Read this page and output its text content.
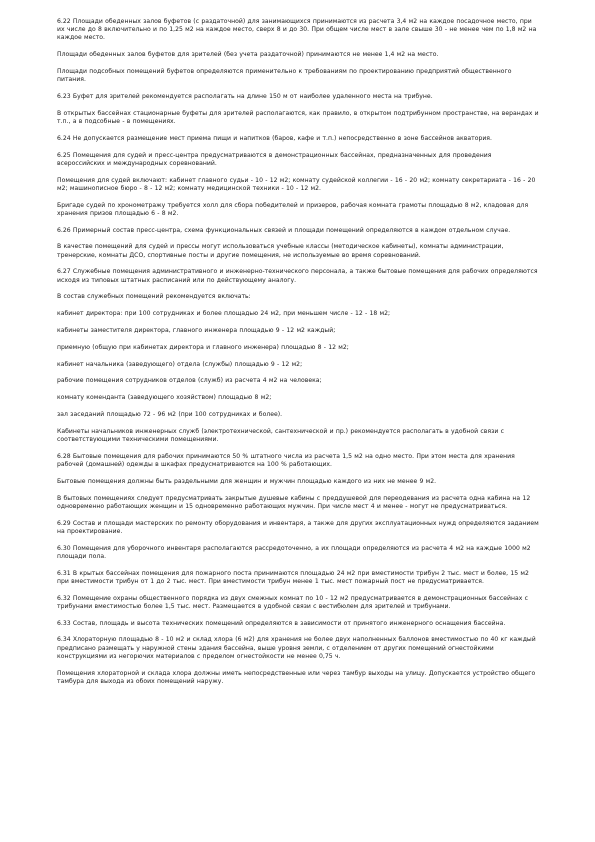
6.22 Площади обеденных залов буфетов (с раздаточной) для занимающихся принимаются из расчета 3,4 м2 на каждое посадочное место, при их числе до 8 включительно и по 1,25 м2 на каждое место, сверх 8 и до 30. При общем числе мест в зале свыше 30 - не менее чем по 1,8 м2 на каждое место.

Площади обеденных залов буфетов для зрителей (без учета раздаточной) принимаются не менее 1,4 м2 на место.

Площади подсобных помещений буфетов определяются применительно к требованиям по проектированию предприятий общественного питания.

6.23 Буфет для зрителей рекомендуется располагать на длине 150 м от наиболее удаленного места на трибуне.

В открытых бассейнах стационарные буфеты для зрителей располагаются, как правило, в открытом подтрибунном пространстве, на верандах и т.п., а в подсобные - в помещениях.

6.24 Не допускается размещение мест приема пищи и напитков (баров, кафе и т.п.) непосредственно в зоне бассейнов акватория.

6.25 Помещения для судей и пресс-центра предусматриваются в демонстрационных бассейнах, предназначенных для проведения всероссийских и международных соревнований.

Помещения для судей включают: кабинет главного судьи - 10 - 12 м2; комнату судейской коллегии - 16 - 20 м2; комнату секретариата - 16 - 20 м2; машинописное бюро - 8 - 12 м2; комнату медицинской техники - 10 - 12 м2.

Бригаде судей по хронометражу требуется холл для сбора победителей и призеров, рабочая комната грамоты площадью 8 м2, кладовая для хранения призов площадью 6 - 8 м2.

6.26 Примерный состав пресс-центра, схема функциональных связей и площади помещений определяются в каждом отдельном случае.

В качестве помещений для судей и прессы могут использоваться учебные классы (методическое кабинеты), комнаты администрации, тренерские, комнаты ДСО, спортивные посты и другие помещения, не используемые во время соревнований.

6.27 Служебные помещения административного и инженерно-технического персонала, а также бытовые помещения для рабочих определяются исходя из типовых штатных расписаний или по действующему аналогу.

В состав служебных помещений рекомендуется включать:

кабинет директора: при 100 сотрудниках и более площадью 24 м2, при меньшем числе - 12 - 18 м2;

кабинеты заместителя директора, главного инженера площадью 9 - 12 м2 каждый;

приемную (общую при кабинетах директора и главного инженера) площадью 8 - 12 м2;

кабинет начальника (заведующего) отдела (службы) площадью 9 - 12 м2;

рабочие помещения сотрудников отделов (служб) из расчета 4 м2 на человека;

комнату коменданта (заведующего хозяйством) площадью 8 м2;

зал заседаний площадью 72 - 96 м2 (при 100 сотрудниках и более).

Кабинеты начальников инженерных служб (электротехнической, сантехнической и пр.) рекомендуется располагать в удобной связи с соответствующими техническими помещениями.

6.28 Бытовые помещения для рабочих принимаются 50 % штатного числа из расчета 1,5 м2 на одно место. При этом места для хранения рабочей (домашней) одежды в шкафах предусматриваются на 100 % работающих.

Бытовые помещения должны быть раздельными для женщин и мужчин площадью каждого из них не менее 9 м2.

В бытовых помещениях следует предусматривать закрытые душевые кабины с преддушевой для переодевания из расчета одна кабина на 12 одновременно работающих женщин и 15 одновременно работающих мужчин. При числе мест 4 и менее - могут не предусматриваться.

6.29 Состав и площади мастерских по ремонту оборудования и инвентаря, а также для других эксплуатационных нужд определяются заданием на проектирование.

6.30 Помещения для уборочного инвентаря располагаются рассредоточенно, а их площади определяются из расчета 4 м2 на каждые 1000 м2 площади пола.

6.31 В крытых бассейнах помещения для пожарного поста принимаются площадью 24 м2 при вместимости трибун 2 тыс. мест и более, 15 м2 при вместимости трибун от 1 до 2 тыс. мест. При вместимости трибун менее 1 тыс. мест пожарный пост не предусматривается.

6.32 Помещение охраны общественного порядка из двух смежных комнат по 10 - 12 м2 предусматривается в демонстрационных бассейнах с трибунами вместимостью более 1,5 тыс. мест. Размещается в удобной связи с вестибюлем для зрителей и трибунами.

6.33 Состав, площадь и высота технических помещений определяются в зависимости от принятого инженерного оснащения бассейна.

6.34 Хлораторную площадью 8 - 10 м2 и склад хлора (6 м2) для хранения не более двух наполненных баллонов вместимостью по 40 кг каждый предписано размещать у наружной стены здания бассейна, выше уровня земли, с отделением от других помещений огнестойкими конструкциями из негорючих материалов с пределом огнестойкости не менее 0,75 ч.

Помещения хлораторной и склада хлора должны иметь непосредственные или через тамбур выходы на улицу. Допускается устройство общего тамбура для выхода из обоих помещений наружу.
